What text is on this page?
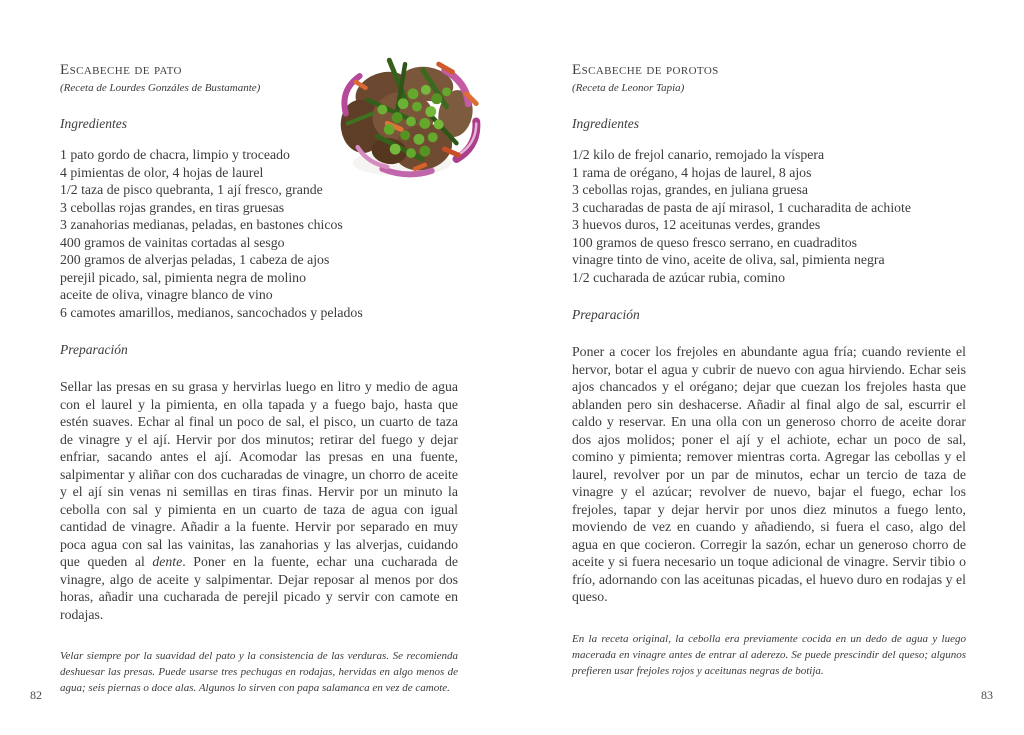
Escabeche de pato
(Receta de Lourdes Gonzáles de Bustamante)
Ingredientes
1 pato gordo de chacra, limpio y troceado
4 pimientas de olor, 4 hojas de laurel
1/2 taza de pisco quebranta, 1 ají fresco, grande
3 cebollas rojas grandes, en tiras gruesas
3 zanahorias medianas, peladas, en bastones chicos
400 gramos de vainitas cortadas al sesgo
200 gramos de alverjas peladas, 1 cabeza de ajos
perejil picado, sal, pimienta negra de molino
aceite de oliva, vinagre blanco de vino
6 camotes amarillos, medianos, sancochados y pelados
Preparación

Sellar las presas en su grasa y hervirlas luego en litro y medio de agua con el laurel y la pimienta, en olla tapada y a fuego bajo, hasta que estén suaves. Echar al final un poco de sal, el pisco, un cuarto de taza de vinagre y el ají. Hervir por dos minutos; retirar del fuego y dejar enfriar, sacando antes el ají. Acomodar las presas en una fuente, salpimentar y aliñar con dos cucharadas de vinagre, un chorro de aceite y el ají sin venas ni semillas en tiras finas. Hervir por un minuto la cebolla con sal y pimienta en un cuarto de taza de agua con igual cantidad de vinagre. Añadir a la fuente. Hervir por separado en muy poca agua con sal las vainitas, las zanahorias y las alverjas, cuidando que queden al dente. Poner en la fuente, echar una cucharada de vinagre, algo de aceite y salpimentar. Dejar reposar al menos por dos horas, añadir una cucharada de perejil picado y servir con camote en rodajas.

Velar siempre por la suavidad del pato y la consistencia de las verduras. Se recomienda deshuesar las presas. Puede usarse tres pechugas en rodajas, hervidas en algo menos de agua; seis piernas o doce alas. Algunos lo sirven con papa salamanca en vez de camote.

Escabeche de porotos
(Receta de Leonor Tapia)
Ingredientes
1/2 kilo de frejol canario, remojado la víspera
1 rama de orégano, 4 hojas de laurel, 8 ajos
3 cebollas rojas, grandes, en juliana gruesa
3 cucharadas de pasta de ají mirasol, 1 cucharadita de achiote
3 huevos duros, 12 aceitunas verdes, grandes
100 gramos de queso fresco serrano, en cuadraditos
vinagre tinto de vino, aceite de oliva, sal, pimienta negra
1/2 cucharada de azúcar rubia, comino
Preparación

Poner a cocer los frejoles en abundante agua fría; cuando reviente el hervor, botar el agua y cubrir de nuevo con agua hirviendo. Echar seis ajos chancados y el orégano; dejar que cuezan los frejoles hasta que ablanden pero sin deshacerse. Añadir al final algo de sal, escurrir el caldo y reservar. En una olla con un generoso chorro de aceite dorar dos ajos molidos; poner el ají y el achiote, echar un poco de sal, comino y pimienta; remover mientras corta. Agregar las cebollas y el laurel, revolver por un par de minutos, echar un tercio de taza de vinagre y el azúcar; revolver de nuevo, bajar el fuego, echar los frejoles, tapar y dejar hervir por unos diez minutos a fuego lento, moviendo de vez en cuando y añadiendo, si fuera el caso, algo del agua en que cocieron. Corregir la sazón, echar un generoso chorro de aceite y si fuera necesario un toque adicional de vinagre. Servir tibio o frío, adornando con las aceitunas picadas, el huevo duro en rodajas y el queso.

En la receta original, la cebolla era previamente cocida en un dedo de agua y luego macerada en vinagre antes de entrar al aderezo. Se puede prescindir del queso; algunos prefieren usar frejoles rojos y aceitunas negras de botija.

82	83
